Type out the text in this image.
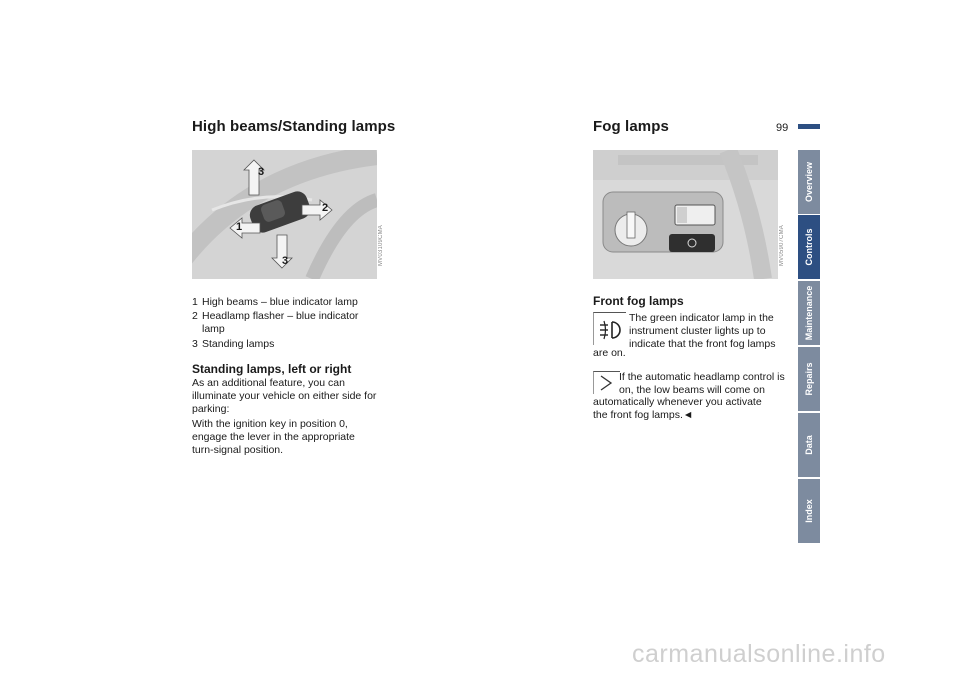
High beams/Standing lamps
3
2
1
3	MV03109CMA
1 High beams – blue indicator lamp
2 Headlamp flasher – blue indicator lamp
3 Standing lamps
Standing lamps, left or right
As an additional feature, you can illuminate your vehicle on either side for parking:
With the ignition key in position 0, engage the lever in the appropriate turn-signal position.
Fog lamps	99
MV05907CMA
Front fog lamps
The green indicator lamp in the instrument cluster lights up to indicate that the front fog lamps
are on.
If the automatic headlamp control is on, the low beams will come on
automatically whenever you activate the front fog lamps.◄
Overview
Controls
Maintenance
Repairs
Data
Index
carmanualsonline.info
